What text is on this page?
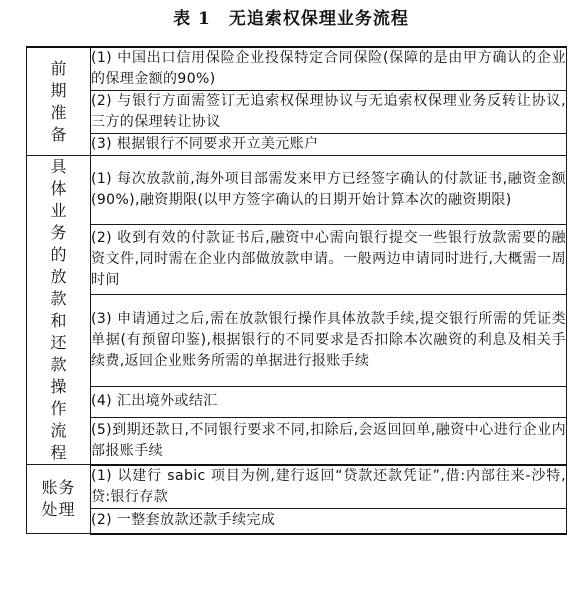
表 1 无追索权保理业务流程
前期准备	(1) 中国出口信用保险企业投保特定合同保险(保障的是由甲方确认的企业的保理金额的90%)
	(2) 与银行方面需签订无追索权保理协议与无追索权保理业务反转让协议,三方的保理转让协议
	(3) 根据银行不同要求开立美元账户
具体业务的放款和还款操作流程	(1) 每次放款前,海外项目部需发来甲方已经签字确认的付款证书,融资金额(90%),融资期限(以甲方签字确认的日期开始计算本次的融资期限)
	(2) 收到有效的付款证书后,融资中心需向银行提交一些银行放款需要的融资文件,同时需在企业内部做放款申请。一般两边申请同时进行,大概需一周时间
	(3) 申请通过之后,需在放款银行操作具体放款手续,提交银行所需的凭证类单据(有预留印鉴),根据银行的不同要求是否扣除本次融资的利息及相关手续费,返回企业账务所需的单据进行报账手续
	(4) 汇出境外或结汇
	(5)到期还款日,不同银行要求不同,扣除后,会返回回单,融资中心进行企业内部报账手续
账务
处理	(1) 以建行 sabic 项目为例,建行返回“贷款还款凭证”,借:内部往来-沙特,贷:银行存款
	(2) 一整套放款还款手续完成
